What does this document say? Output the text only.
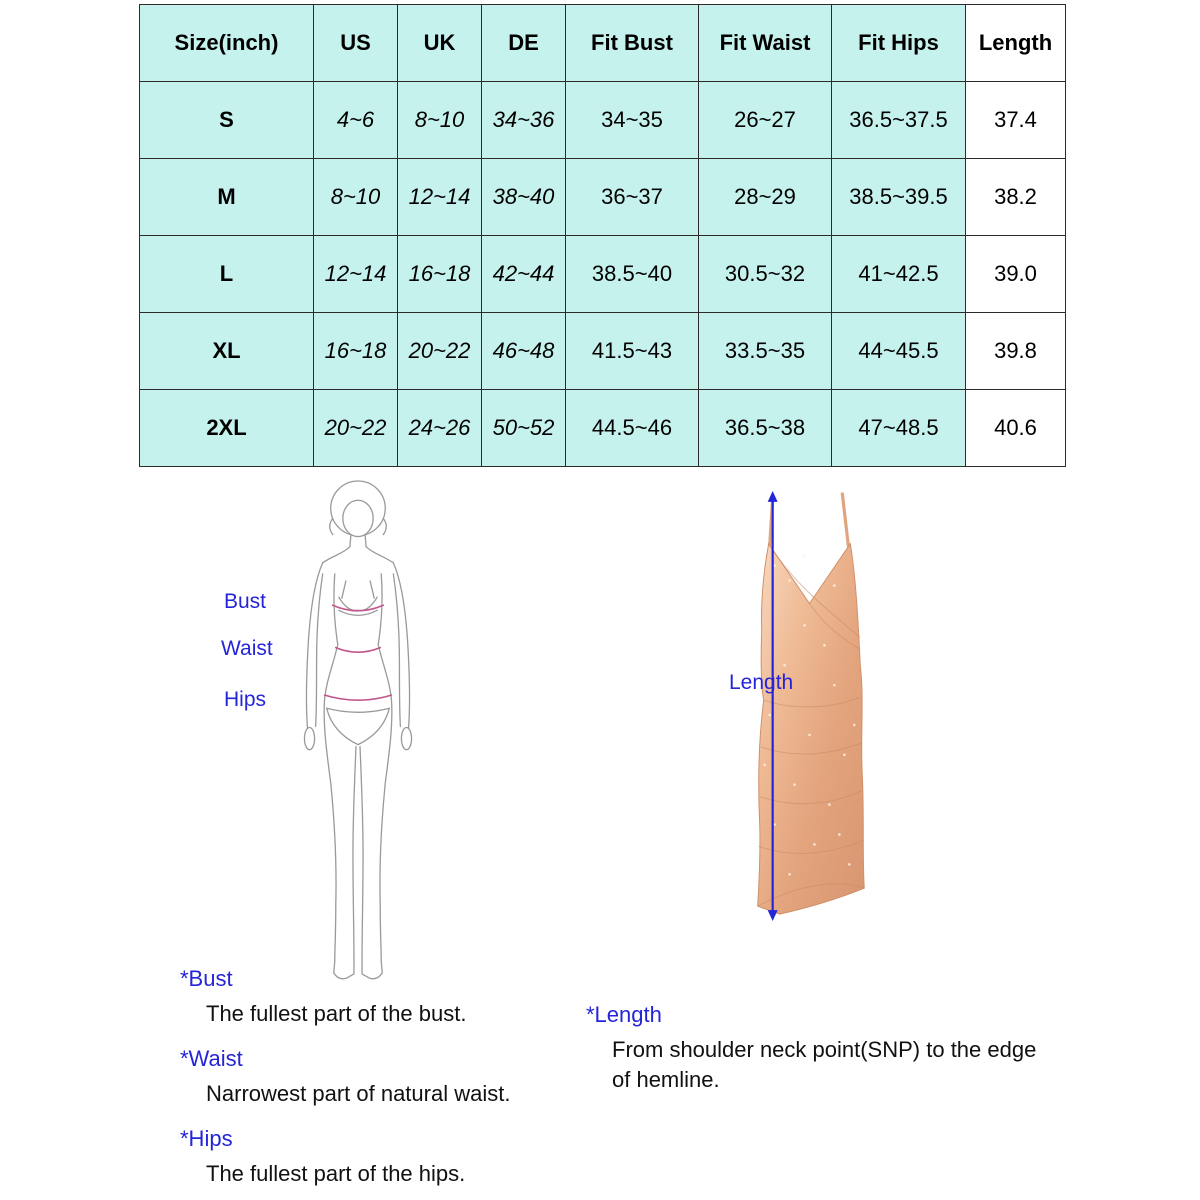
Size(inch)	US	UK	DE	Fit Bust	Fit Waist	Fit Hips	Length
S	4~6	8~10	34~36	34~35	26~27	36.5~37.5	37.4
M	8~10	12~14	38~40	36~37	28~29	38.5~39.5	38.2
L	12~14	16~18	42~44	38.5~40	30.5~32	41~42.5	39.0
XL	16~18	20~22	46~48	41.5~43	33.5~35	44~45.5	39.8
2XL	20~22	24~26	50~52	44.5~46	36.5~38	47~48.5	40.6
Bust
Waist
Hips
Length
*Bust
The fullest part of the bust.
*Waist
Narrowest part of natural waist.
*Hips
The fullest part of the hips.
*Length
From shoulder neck point(SNP) to the edge of hemline.
